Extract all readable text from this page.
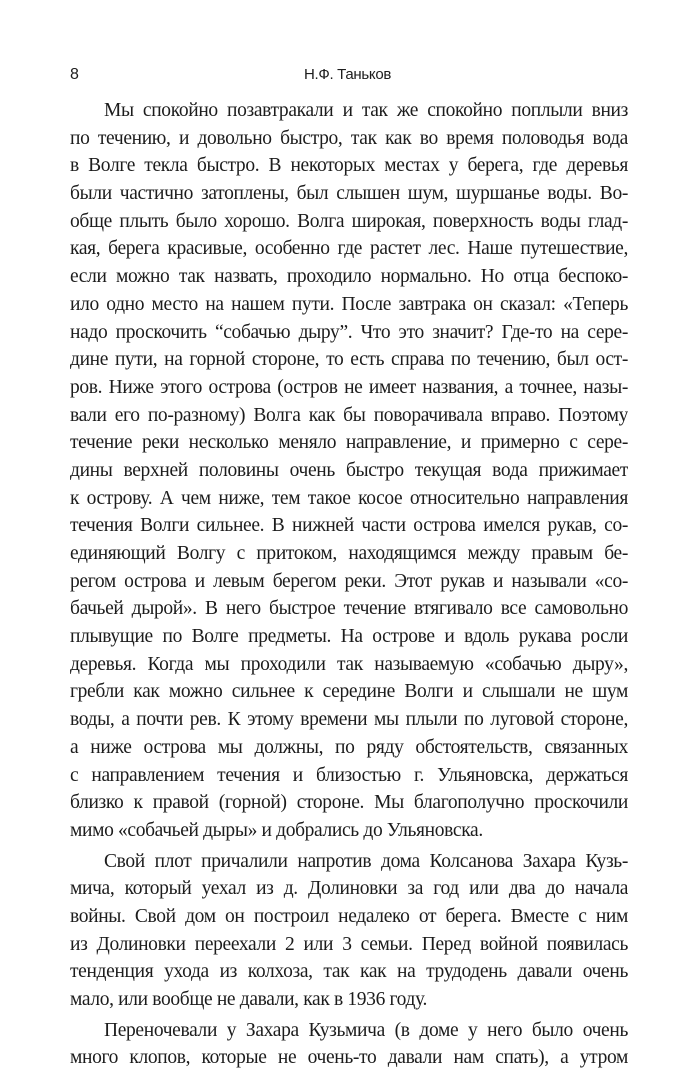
8	Н.Ф. Таньков
Мы спокойно позавтракали и так же спокойно поплыли вниз
по течению, и довольно быстро, так как во время половодья вода
в Волге текла быстро. В некоторых местах у берега, где деревья
были частично затоплены, был слышен шум, шуршанье воды. Во-
обще плыть было хорошо. Волга широкая, поверхность воды глад-
кая, берега красивые, особенно где растет лес. Наше путешествие,
если можно так назвать, проходило нормально. Но отца беспоко-
ило одно место на нашем пути. После завтрака он сказал: «Теперь
надо проскочить “собачью дыру”. Что это значит? Где-то на сере-
дине пути, на горной стороне, то есть справа по течению, был ост-
ров. Ниже этого острова (остров не имеет названия, а точнее, назы-
вали его по-разному) Волга как бы поворачивала вправо. Поэтому
течение реки несколько меняло направление, и примерно с сере-
дины верхней половины очень быстро текущая вода прижимает
к острову. А чем ниже, тем такое косое относительно направления
течения Волги сильнее. В нижней части острова имелся рукав, со-
единяющий Волгу с притоком, находящимся между правым бе-
регом острова и левым берегом реки. Этот рукав и называли «со-
бачьей дырой». В него быстрое течение втягивало все самовольно
плывущие по Волге предметы. На острове и вдоль рукава росли
деревья. Когда мы проходили так называемую «собачью дыру»,
гребли как можно сильнее к середине Волги и слышали не шум
воды, а почти рев. К этому времени мы плыли по луговой стороне,
а ниже острова мы должны, по ряду обстоятельств, связанных
с направлением течения и близостью г. Ульяновска, держаться
близко к правой (горной) стороне. Мы благополучно проскочили
мимо «собачьей дыры» и добрались до Ульяновска.
Свой плот причалили напротив дома Колсанова Захара Кузь-
мича, который уехал из д. Долиновки за год или два до начала
войны. Свой дом он построил недалеко от берега. Вместе с ним
из Долиновки переехали 2 или 3 семьи. Перед войной появилась
тенденция ухода из колхоза, так как на трудодень давали очень
мало, или вообще не давали, как в 1936 году.
Переночевали у Захара Кузьмича (в доме у него было очень
много клопов, которые не очень-то давали нам спать), а утром
